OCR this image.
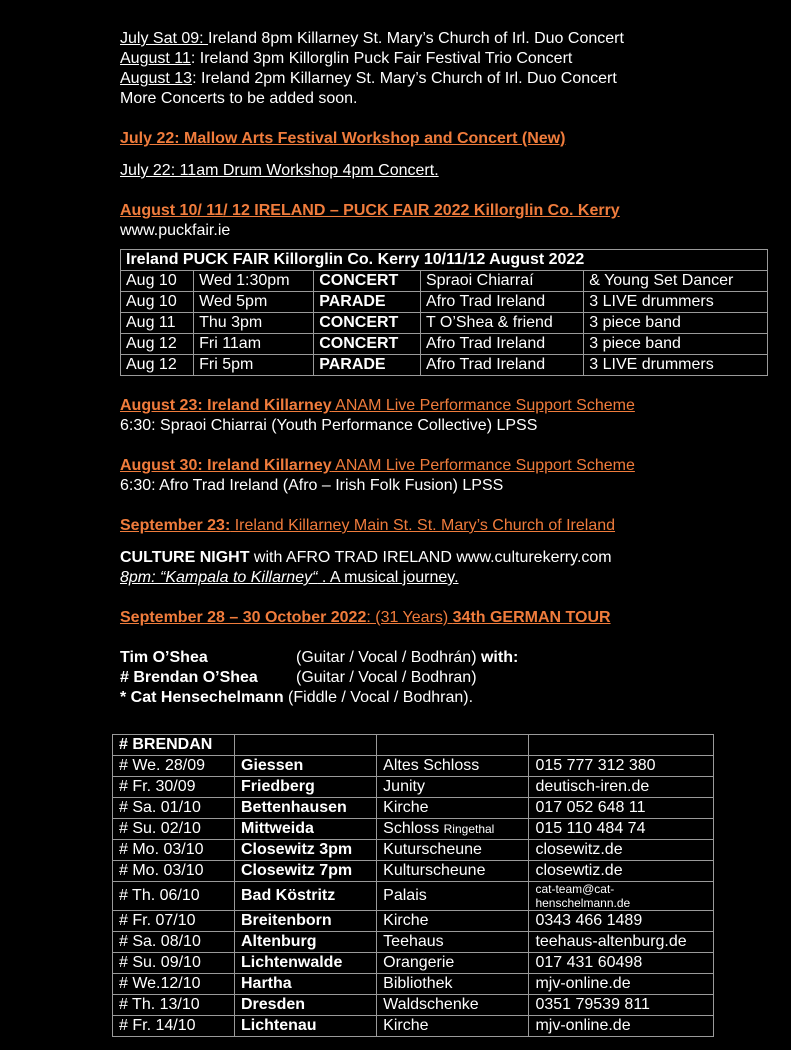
July Sat 09: Ireland 8pm Killarney St. Mary’s Church of Irl. Duo Concert
August 11: Ireland 3pm Killorglin Puck Fair Festival Trio Concert
August 13: Ireland 2pm Killarney St. Mary’s Church of Irl. Duo Concert
More Concerts to be added soon.
July 22: Mallow Arts Festival Workshop and Concert (New)
July 22: 11am Drum Workshop 4pm Concert.
August 10/ 11/ 12 IRELAND – PUCK FAIR 2022 Killorglin Co. Kerry
www.puckfair.ie
Ireland PUCK FAIR Killorglin Co. Kerry 10/11/12 August 2022				
Aug 10	Wed 1:30pm	CONCERT	Spraoi Chiarraí	& Young Set Dancer
Aug 10	Wed 5pm	PARADE	Afro Trad Ireland	3 LIVE drummers
Aug 11	Thu 3pm	CONCERT	T O’Shea & friend	3 piece band
Aug 12	Fri 11am	CONCERT	Afro Trad Ireland	3 piece band
Aug 12	Fri 5pm	PARADE	Afro Trad Ireland	3 LIVE drummers
August 23: Ireland Killarney ANAM Live Performance Support Scheme
6:30: Spraoi Chiarrai (Youth Performance Collective) LPSS
August 30: Ireland Killarney ANAM Live Performance Support Scheme
6:30: Afro Trad Ireland (Afro – Irish Folk Fusion) LPSS
September 23: Ireland Killarney Main St. St. Mary’s Church of Ireland
CULTURE NIGHT with AFRO TRAD IRELAND www.culturekerry.com
8pm: “Kampala to Killarney“ . A musical journey.
September 28 – 30 October 2022: (31 Years) 34th GERMAN TOUR
Tim O’Shea	(Guitar / Vocal / Bodhrán) with:
# Brendan O’Shea (Guitar / Vocal / Bodhran)
* Cat Hensechelmann (Fiddle / Vocal / Bodhran).
# BRENDAN			
# We. 28/09	Giessen	Altes Schloss	015 777 312 380
# Fr. 30/09	Friedberg	Junity	deutisch-iren.de
# Sa. 01/10	Bettenhausen	Kirche	017 052 648 11
# Su. 02/10	Mittweida	Schloss Ringethal	015 110 484 74
# Mo. 03/10	Closewitz 3pm	Kuturscheune	closewitz.de
# Mo. 03/10	Closewitz 7pm	Kulturscheune	closewtiz.de
# Th. 06/10	Bad Köstritz	Palais	cat-team@cat-henschelmann.de
# Fr. 07/10	Breitenborn	Kirche	0343 466 1489
# Sa. 08/10	Altenburg	Teehaus	teehaus-altenburg.de
# Su. 09/10	Lichtenwalde	Orangerie	017 431 60498
# We.12/10	Hartha	Bibliothek	mjv-online.de
# Th. 13/10	Dresden	Waldschenke	0351 79539 811
# Fr. 14/10	Lichtenau	Kirche	mjv-online.de
